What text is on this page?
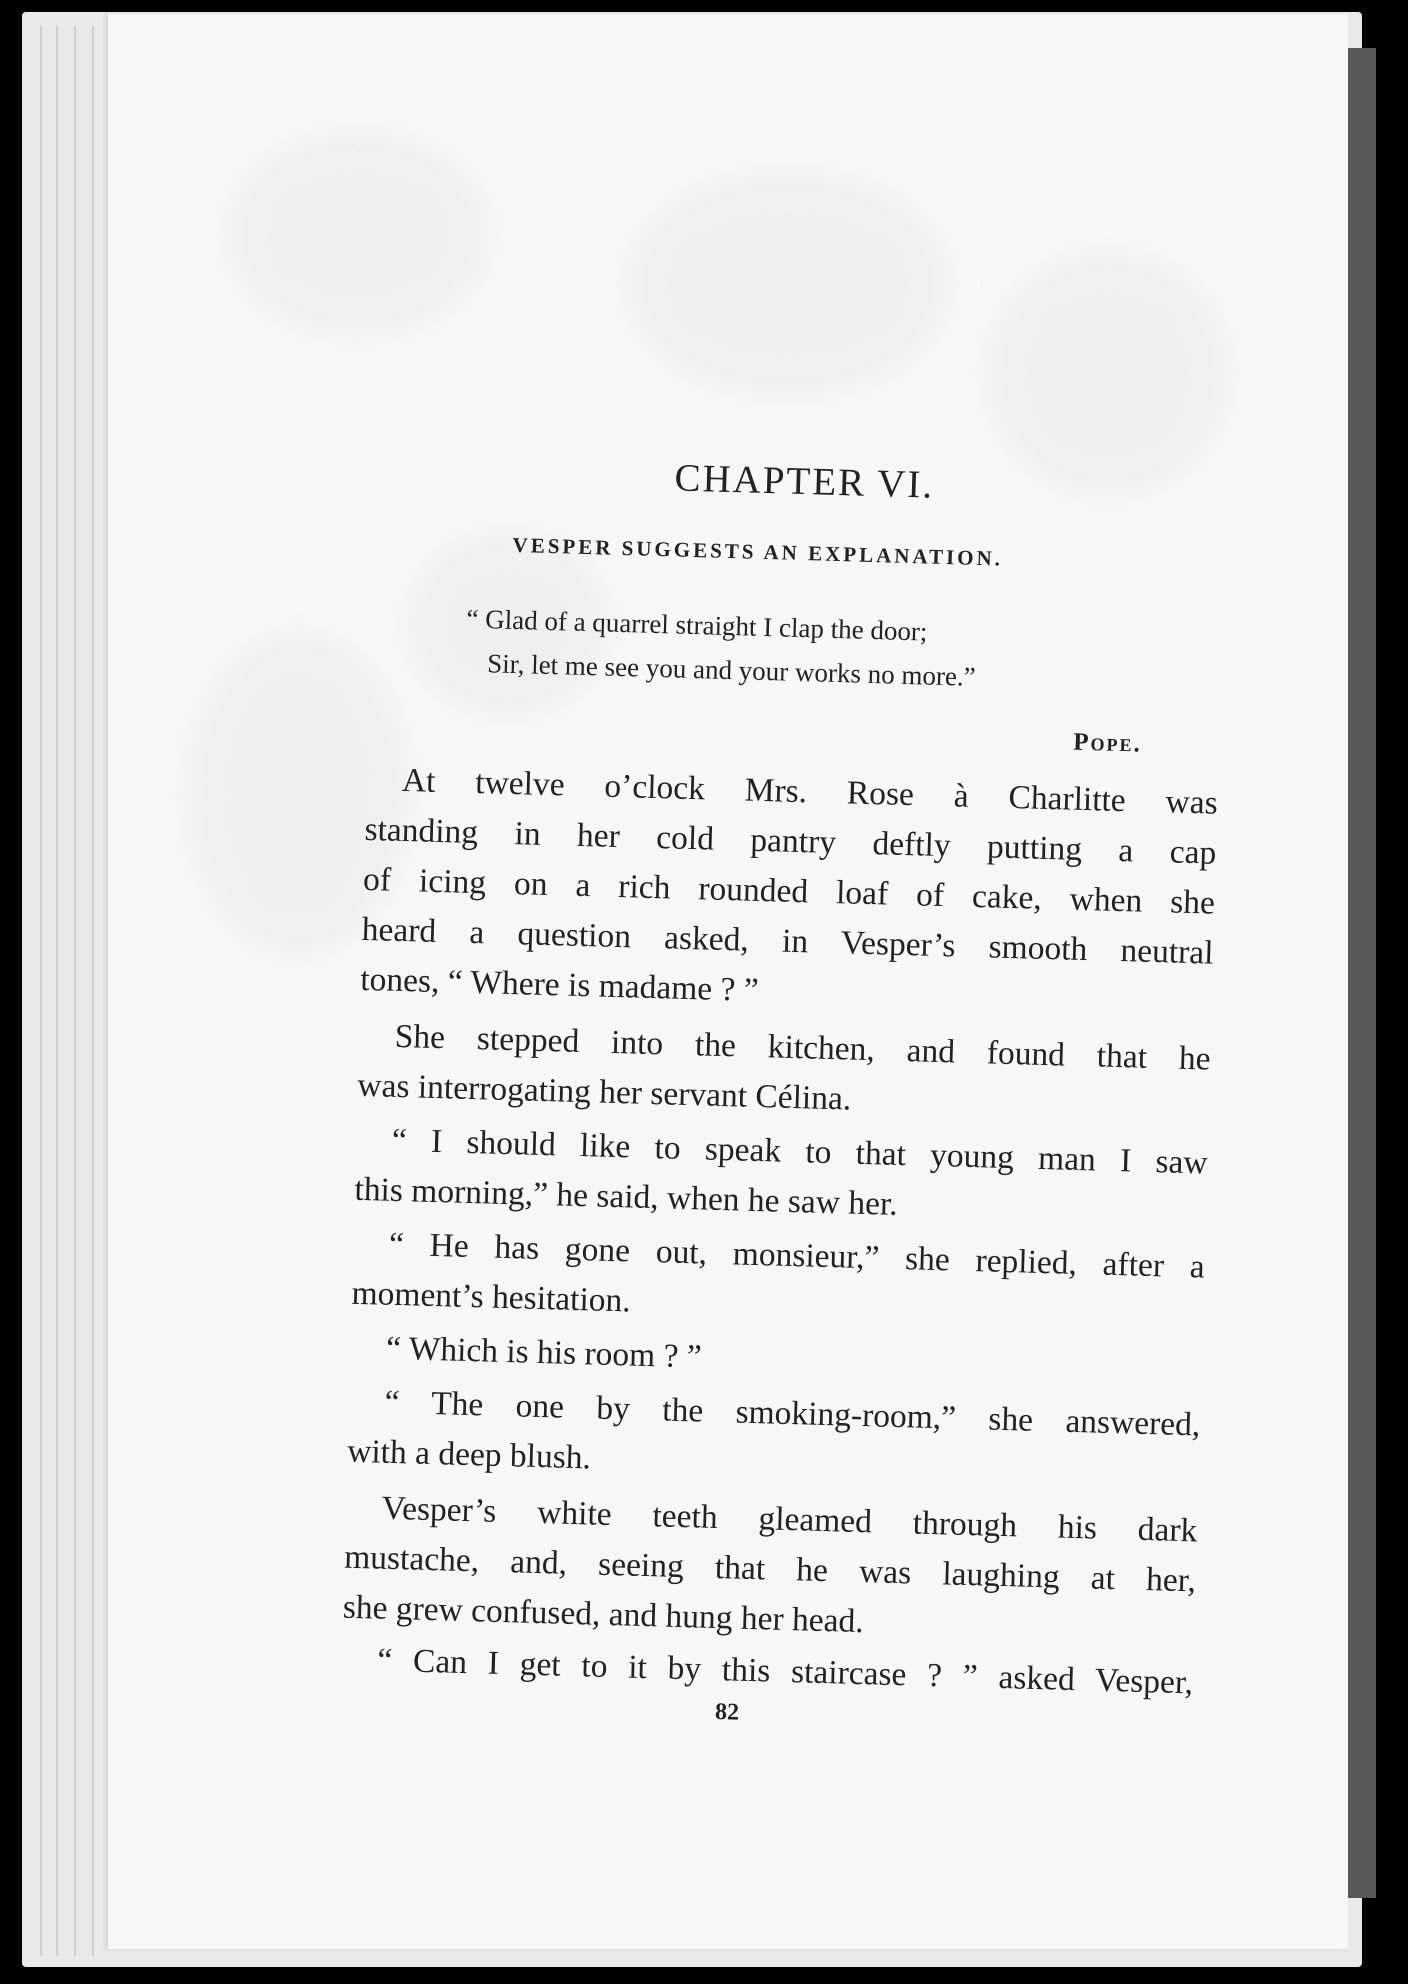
CHAPTER VI.
VESPER SUGGESTS AN EXPLANATION.
“ Glad of a quarrel straight I clap the door;
Sir, let me see you and your works no more.”
Pope.
At twelve o’clock Mrs. Rose à Charlitte was
standing in her cold pantry deftly putting a cap
of icing on a rich rounded loaf of cake, when she
heard a question asked, in Vesper’s smooth neutral
tones, “ Where is madame ? ”
She stepped into the kitchen, and found that he
was interrogating her servant Célina.
“ I should like to speak to that young man I saw
this morning,” he said, when he saw her.
“ He has gone out, monsieur,” she replied, after a
moment’s hesitation.
“ Which is his room ? ”
“ The one by the smoking-room,” she answered,
with a deep blush.
Vesper’s white teeth gleamed through his dark
mustache, and, seeing that he was laughing at her,
she grew confused, and hung her head.
“ Can I get to it by this staircase ? ” asked Vesper,
82
